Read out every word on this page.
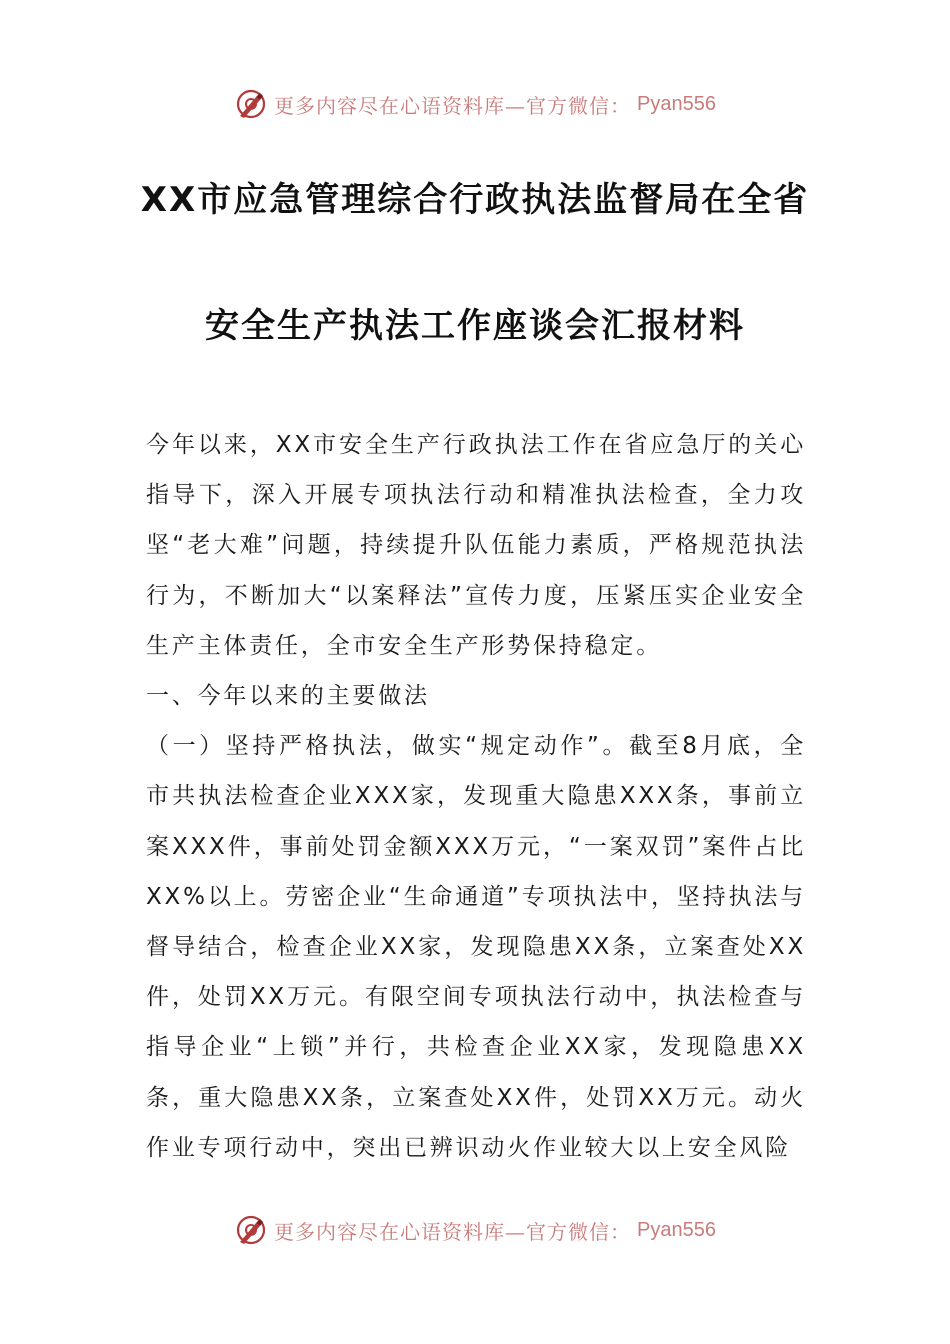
更多内容尽在心语资料库—官方微信： Pyan556
XX市应急管理综合行政执法监督局在全省
安全生产执法工作座谈会汇报材料

今年以来，XX市安全生产行政执法工作在省应急厅的关心指导下，深入开展专项执法行动和精准执法检查，全力攻坚“老大难”问题，持续提升队伍能力素质，严格规范执法行为，不断加大“以案释法”宣传力度，压紧压实企业安全生产主体责任，全市安全生产形势保持稳定。

一、今年以来的主要做法

（一）坚持严格执法，做实“规定动作”。截至8月底，全市共执法检查企业XXX家，发现重大隐患XXX条，事前立案XXX件，事前处罚金额XXX万元，“一案双罚”案件占比XX%以上。劳密企业“生命通道”专项执法中，坚持执法与督导结合，检查企业XX家，发现隐患XX条，立案查处XX件，处罚XX万元。有限空间专项执法行动中，执法检查与指导企业“上锁”并行，共检查企业XX家，发现隐患XX条，重大隐患XX条，立案查处XX件，处罚XX万元。动火作业专项行动中，突出已辨识动火作业较大以上安全风险

更多内容尽在心语资料库—官方微信： Pyan556
